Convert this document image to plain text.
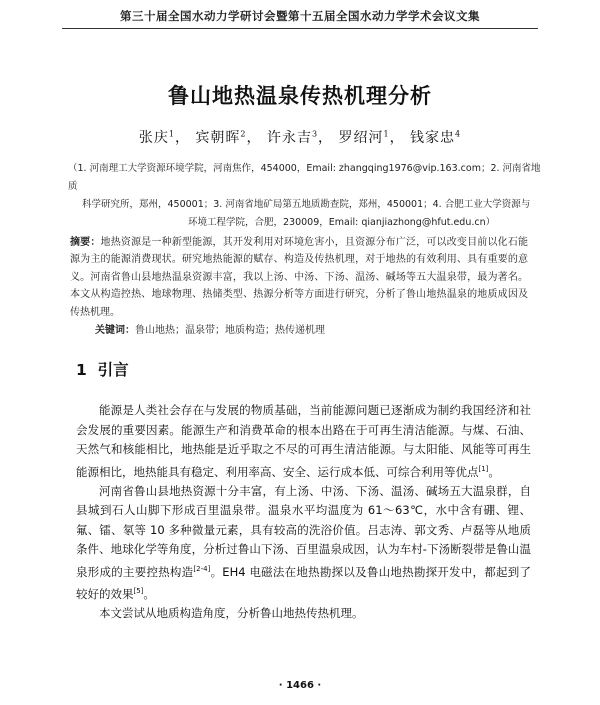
第三十届全国水动力学研讨会暨第十五届全国水动力学学术会议文集
鲁山地热温泉传热机理分析
张庆$^1$， 宾朝晖$^2$， 许永吉$^3$， 罗绍河$^1$， 钱家忠$^4$
（1. 河南理工大学资源环境学院，河南焦作，454000，Email: zhangqing1976@vip.163.com；2. 河南省地质
科学研究所，郑州，450001；3. 河南省地矿局第五地质勘查院，郑州，450001；4. 合肥工业大学资源与
环境工程学院，合肥，230009，Email: qianjiazhong@hfut.edu.cn）
摘要：地热资源是一种新型能源，其开发利用对环境危害小，且资源分布广泛，可以改变目前以化石能源为主的能源消费现状。研究地热能源的赋存、构造及传热机理，对于地热的有效利用、具有重要的意义。河南省鲁山县地热温泉资源丰富，我以上汤、中汤、下汤、温汤、碱场等五大温泉带，最为著名。本文从构造控热、地球物理、热储类型、热源分析等方面进行研究，分析了鲁山地热温泉的地质成因及传热机理。
关键词：鲁山地热；温泉带；地质构造；热传递机理
1 引言

能源是人类社会存在与发展的物质基础，当前能源问题已逐渐成为制约我国经济和社会发展的重要因素。能源生产和消费革命的根本出路在于可再生清洁能源。与煤、石油、天然气和核能相比，地热能是近乎取之不尽的可再生清洁能源。与太阳能、风能等可再生能源相比，地热能具有稳定、利用率高、安全、运行成本低、可综合利用等优点[1]。

河南省鲁山县地热资源十分丰富，有上汤、中汤、下汤、温汤、碱场五大温泉群，自县城到石人山脚下形成百里温泉带。温泉水平均温度为 61～63℃，水中含有硼、锂、氟、镭、氡等 10 多种微量元素，具有较高的洗浴价值。吕志涛、郭文秀、卢磊等从地质条件、地球化学等角度，分析过鲁山下汤、百里温泉成因，认为车村-下汤断裂带是鲁山温泉形成的主要控热构造[2-4]。EH4 电磁法在地热勘探以及鲁山地热勘探开发中，都起到了较好的效果[5]。

本文尝试从地质构造角度，分析鲁山地热传热机理。

· 1466 ·
